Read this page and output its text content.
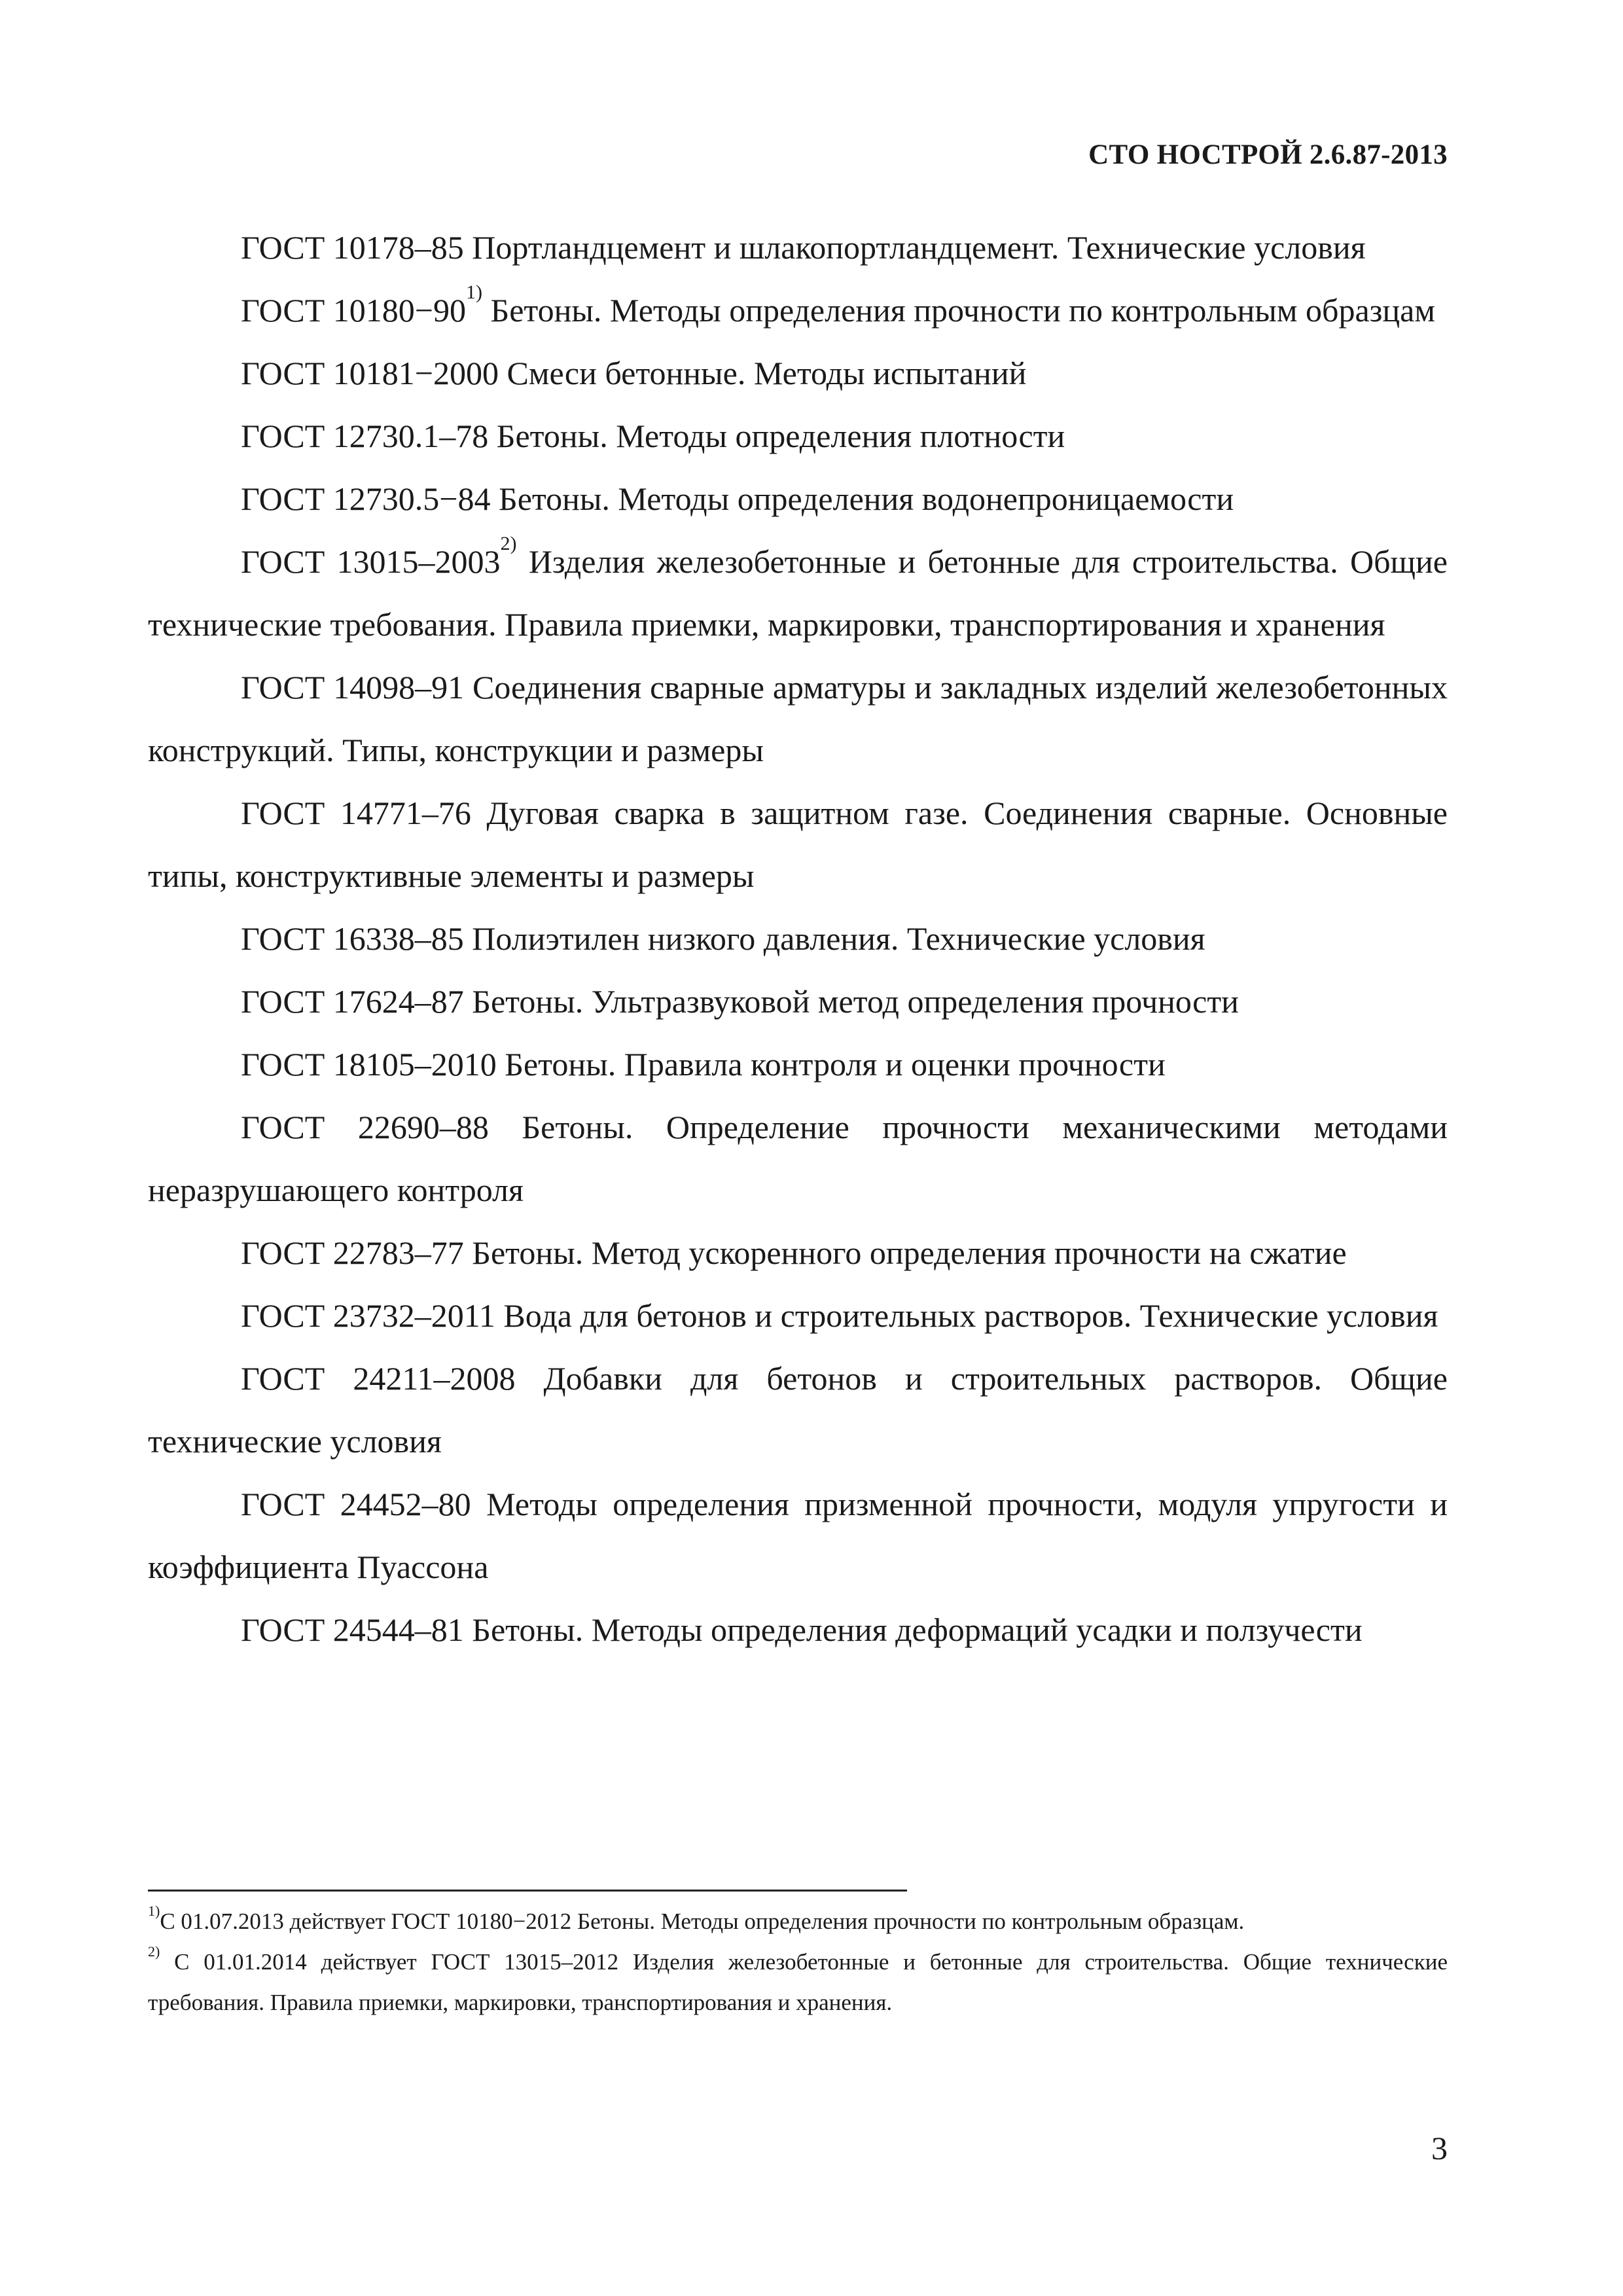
СТО НОСТРОЙ 2.6.87-2013

ГОСТ 10178–85 Портландцемент и шлакопортландцемент. Технические условия

ГОСТ $10180-90^{1)}$ Бетоны. Методы определения прочности по контрольным образцам

ГОСТ 10181−2000 Смеси бетонные. Методы испытаний

ГОСТ 12730.1–78 Бетоны. Методы определения плотности

ГОСТ 12730.5−84 Бетоны. Методы определения водонепроницаемости

ГОСТ 13015–2003$^{2)}$ Изделия железобетонные и бетонные для строительства. Общие технические требования. Правила приемки, маркировки, транспортирования и хранения

ГОСТ 14098–91 Соединения сварные арматуры и закладных изделий железобетонных конструкций. Типы, конструкции и размеры

ГОСТ 14771–76 Дуговая сварка в защитном газе. Соединения сварные. Основные типы, конструктивные элементы и размеры

ГОСТ 16338–85 Полиэтилен низкого давления. Технические условия

ГОСТ 17624–87 Бетоны. Ультразвуковой метод определения прочности

ГОСТ 18105–2010 Бетоны. Правила контроля и оценки прочности

ГОСТ 22690–88 Бетоны. Определение прочности механическими методами неразрушающего контроля

ГОСТ 22783–77 Бетоны. Метод ускоренного определения прочности на сжатие

ГОСТ 23732–2011 Вода для бетонов и строительных растворов. Технические условия

ГОСТ 24211–2008 Добавки для бетонов и строительных растворов. Общие технические условия

ГОСТ 24452–80 Методы определения призменной прочности, модуля упругости и коэффициента Пуассона

ГОСТ 24544–81 Бетоны. Методы определения деформаций усадки и ползучести

$^{1)}$С 01.07.2013 действует ГОСТ 10180−2012 Бетоны. Методы определения прочности по контрольным образцам.

$^{2)}$ С 01.01.2014 действует ГОСТ 13015–2012 Изделия железобетонные и бетонные для строительства. Общие технические требования. Правила приемки, маркировки, транспортирования и хранения.

3
